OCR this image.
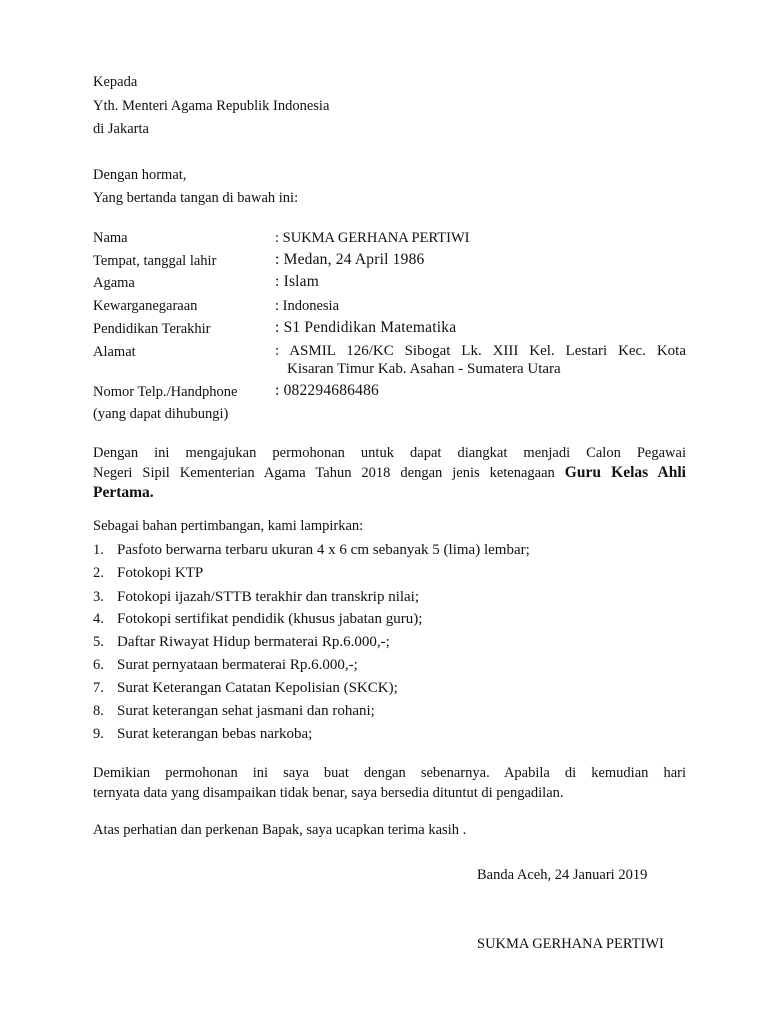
Kepada
Yth. Menteri Agama Republik Indonesia
di Jakarta
Dengan hormat,
Yang bertanda tangan di bawah ini:
Nama	: SUKMA GERHANA PERTIWI
Tempat, tanggal lahir	: Medan, 24 April 1986
Agama	: Islam
Kewarganegaraan	: Indonesia
Pendidikan Terakhir	: S1 Pendidikan Matematika
Alamat	: ASMIL 126/KC Sibogat Lk. XIII Kel. Lestari Kec. Kota
Kisaran Timur Kab. Asahan - Sumatera Utara
Nomor Telp./Handphone : 082294686486
(yang dapat dihubungi)
Dengan ini mengajukan permohonan untuk dapat diangkat menjadi Calon Pegawai
Negeri Sipil Kementerian Agama Tahun 2018 dengan jenis ketenagaan Guru Kelas Ahli
Pertama.
Sebagai bahan pertimbangan, kami lampirkan:
1. Pasfoto berwarna terbaru ukuran 4 x 6 cm sebanyak 5 (lima) lembar;
2. Fotokopi KTP
3. Fotokopi ijazah/STTB terakhir dan transkrip nilai;
4. Fotokopi sertifikat pendidik (khusus jabatan guru);
5. Daftar Riwayat Hidup bermaterai Rp.6.000,-;
6. Surat pernyataan bermaterai Rp.6.000,-;
7. Surat Keterangan Catatan Kepolisian (SKCK);
8. Surat keterangan sehat jasmani dan rohani;
9. Surat keterangan bebas narkoba;
Demikian permohonan ini saya buat dengan sebenarnya. Apabila di kemudian hari
ternyata data yang disampaikan tidak benar, saya bersedia dituntut di pengadilan.
Atas perhatian dan perkenan Bapak, saya ucapkan terima kasih .
Banda Aceh, 24 Januari 2019
SUKMA GERHANA PERTIWI
